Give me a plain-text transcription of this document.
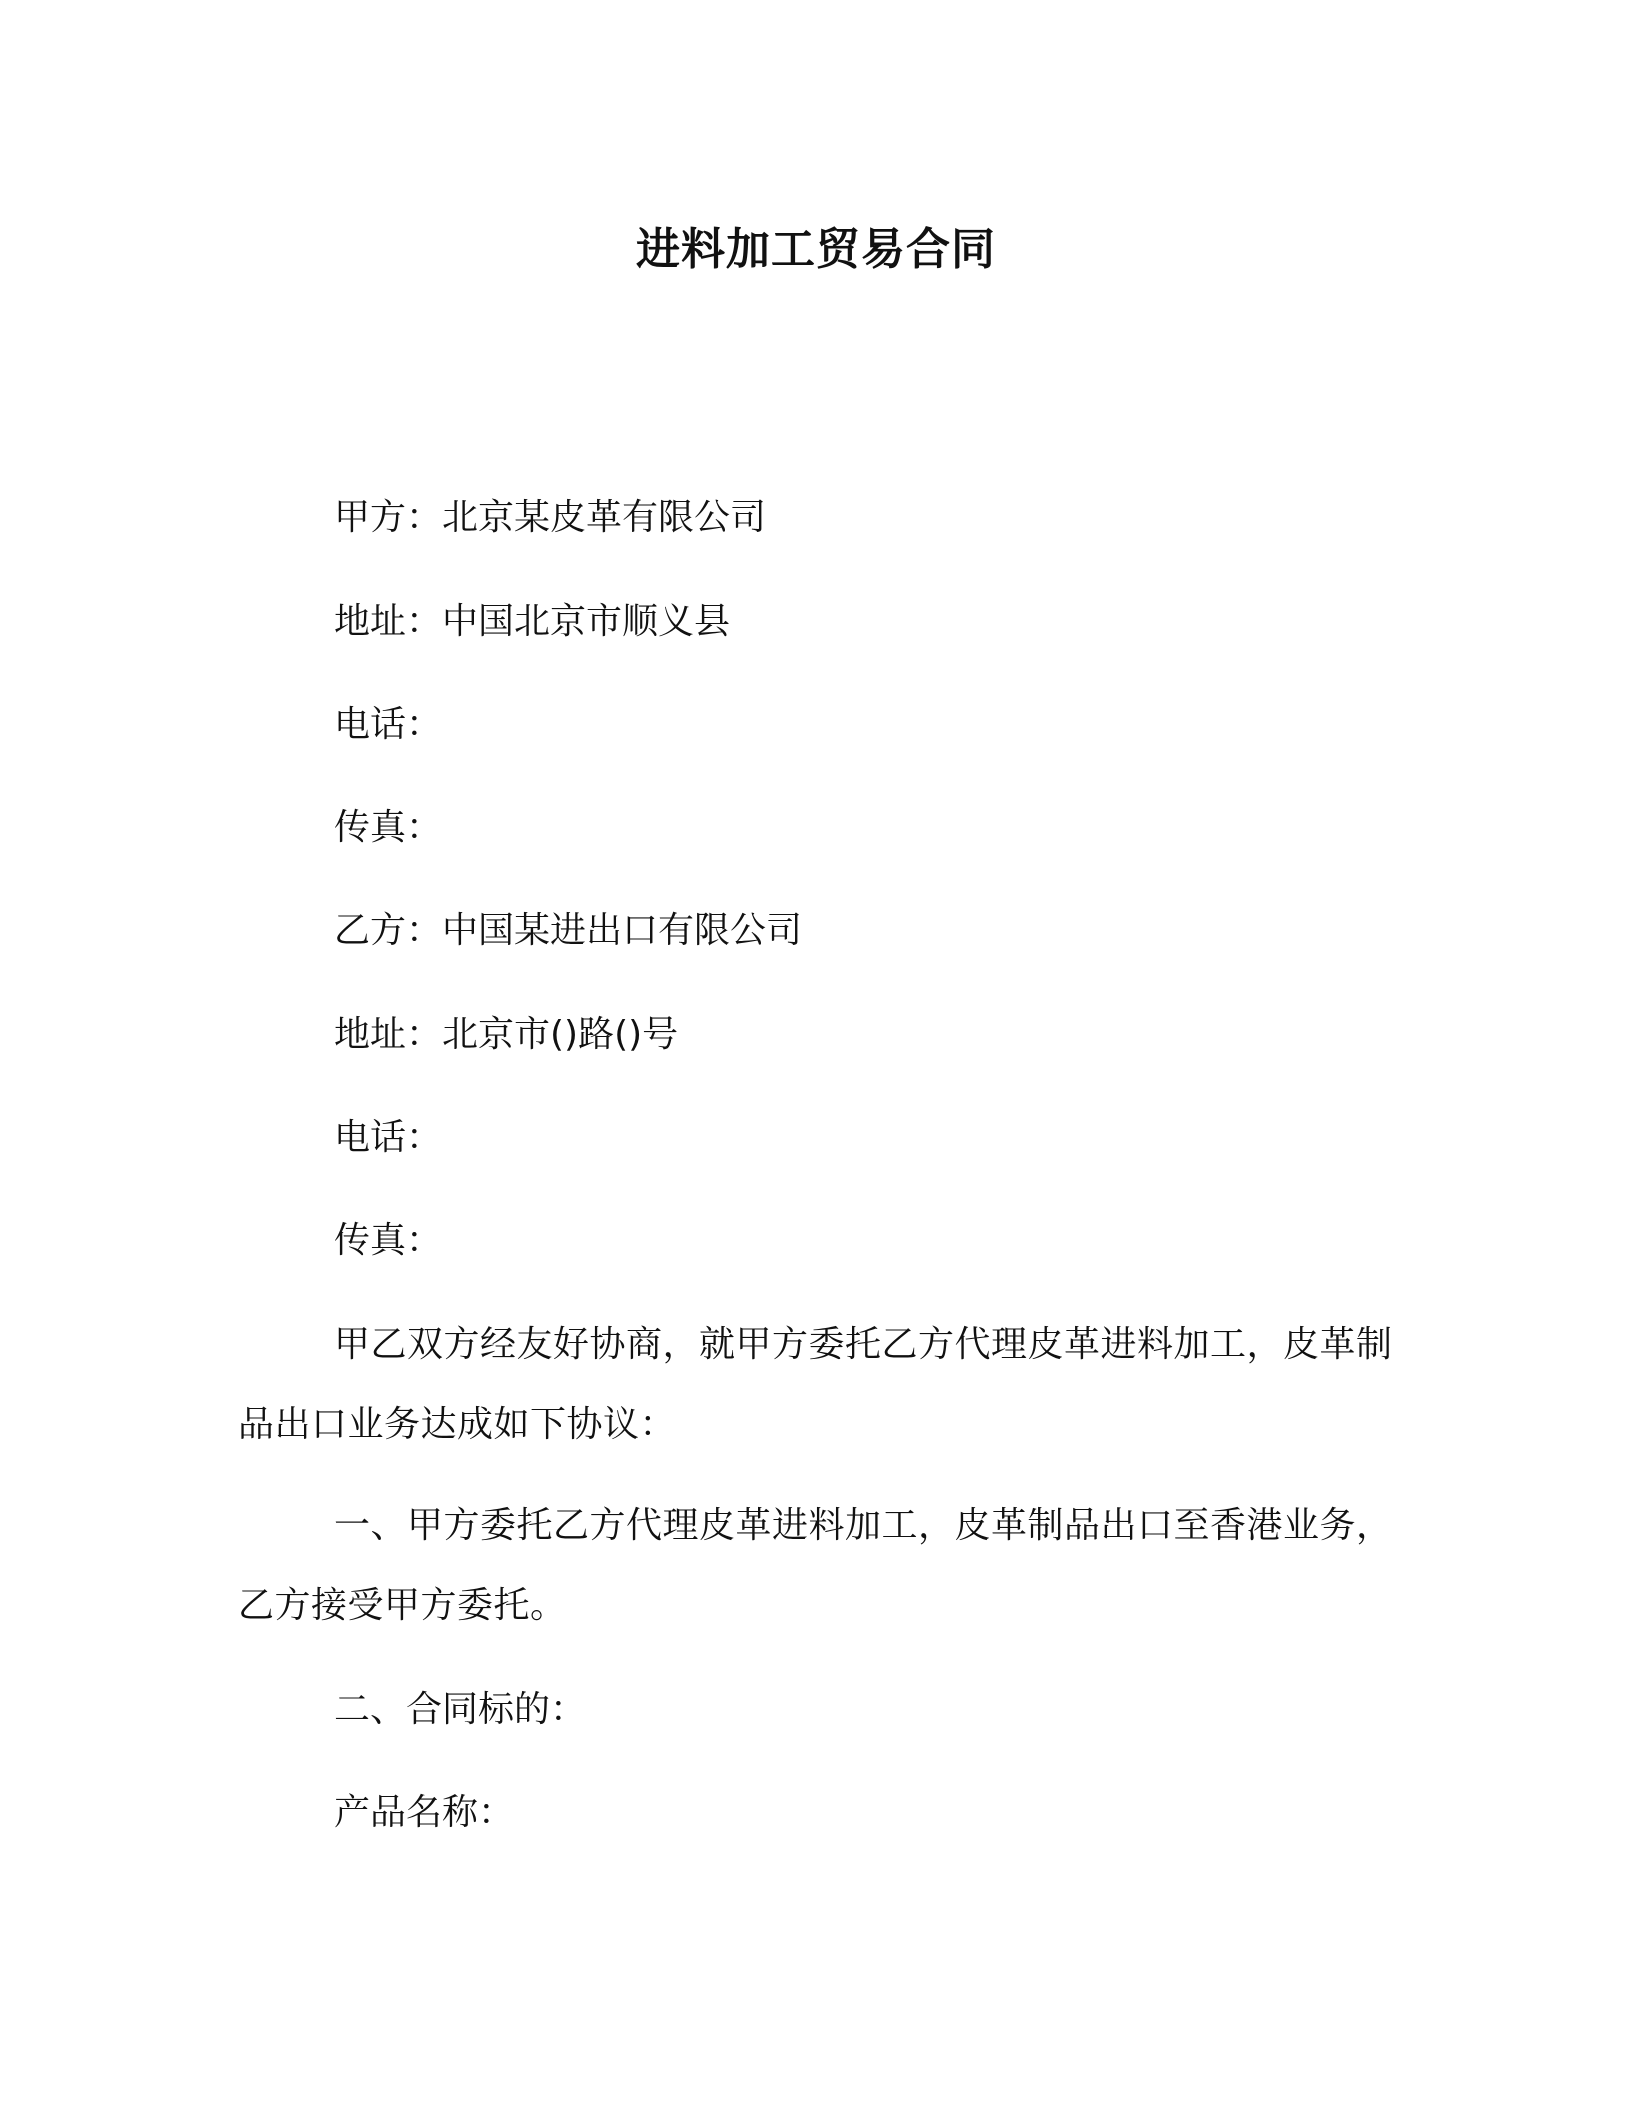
进料加工贸易合同
甲方：北京某皮革有限公司
地址：中国北京市顺义县
电话：
传真：
乙方：中国某进出口有限公司
地址：北京市()路()号
电话：
传真：
甲乙双方经友好协商，就甲方委托乙方代理皮革进料加工，皮革制品出口业务达成如下协议：
一、甲方委托乙方代理皮革进料加工，皮革制品出口至香港业务，乙方接受甲方委托。
二、合同标的：
产品名称：
